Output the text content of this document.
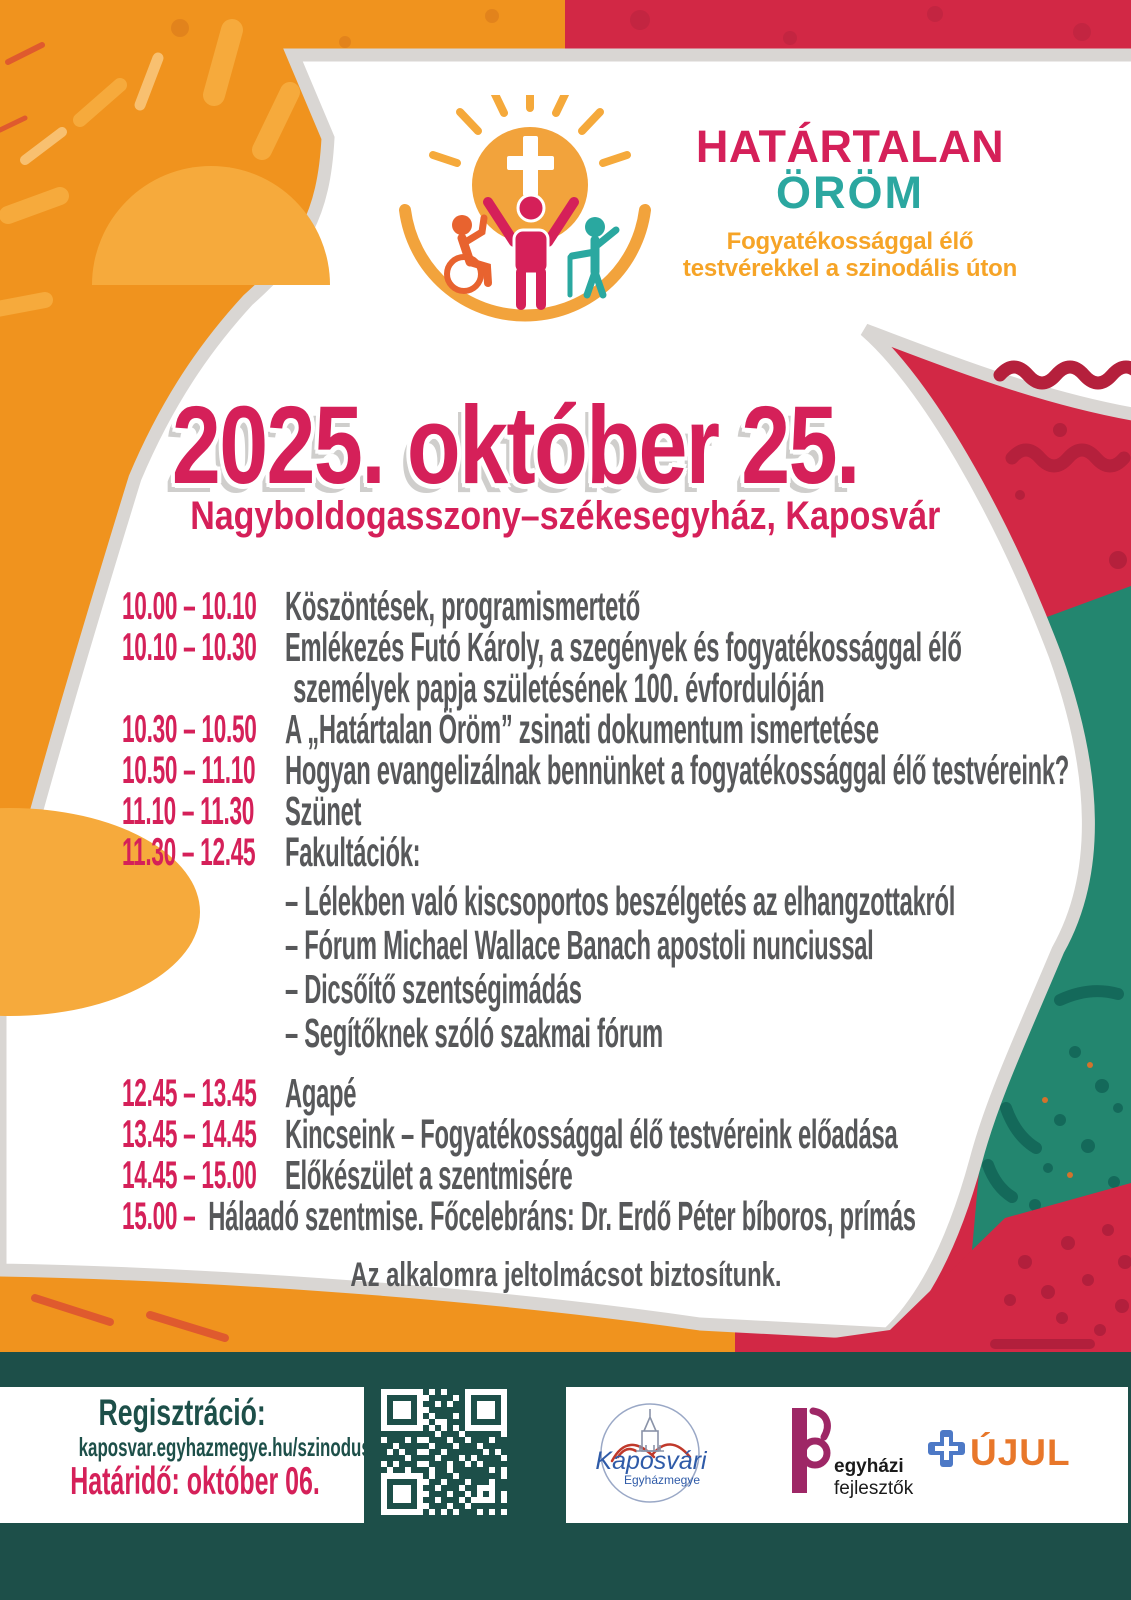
HATÁRTALAN
ÖRÖM
Fogyatékossággal élő
testvérekkel a szinodális úton
2025. október 25.
Nagyboldogasszony–székesegyház, Kaposvár
10.00 – 10.10 Köszöntések, programismertető
10.10 – 10.30 Emlékezés Futó Károly, a szegények és fogyatékossággal élő
személyek papja születésének 100. évfordulóján
10.30 – 10.50 A „Határtalan Öröm” zsinati dokumentum ismertetése
10.50 – 11.10 Hogyan evangelizálnak bennünket a fogyatékossággal élő testvéreink?
11.10 – 11.30 Szünet
11.30 – 12.45 Fakultációk:
– Lélekben való kiscsoportos beszélgetés az elhangzottakról
– Fórum Michael Wallace Banach apostoli nunciussal
– Dicsőítő szentségimádás
– Segítőknek szóló szakmai fórum
12.45 – 13.45 Agapé
13.45 – 14.45 Kincseink – Fogyatékossággal élő testvéreink előadása
14.45 – 15.00 Előkészület a szentmisére
15.00 – Hálaadó szentmise. Főcelebráns: Dr. Erdő Péter bíboros, prímás
Az alkalomra jeltolmácsot biztosítunk.
Regisztráció:
kaposvar.egyhazmegye.hu/szinodus
Határidő: október 06.	Kaposvári
Egyházmegye
egyházi
fejlesztők
ÚJUL
